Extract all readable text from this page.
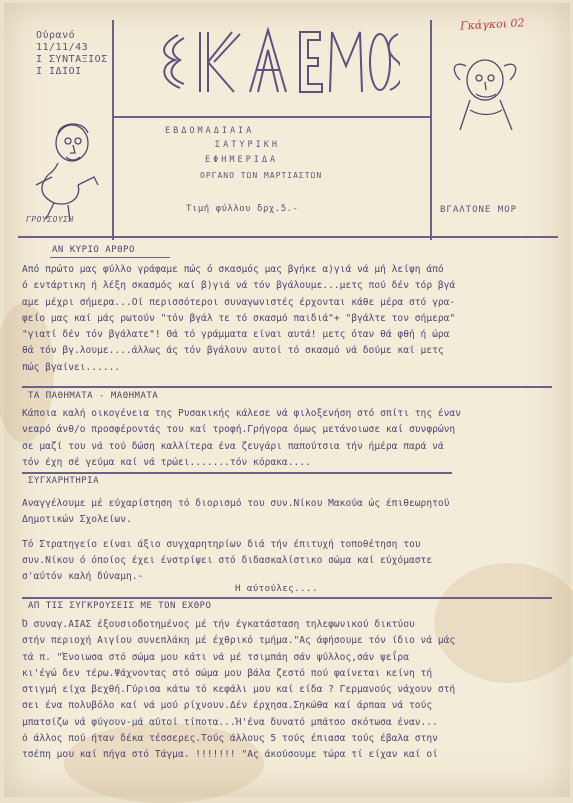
Οὐρανό
11/11/43
Ι ΣΥΝΤΑΞΙΟΣ
Ι ΙΔΙΟΙ
ΕΒΔΟΜΑΔΙΑΙΑ
ΣΑΤΥΡΙΚΗ
ΕΦΗΜΕΡΙΔΑ
ΟΡΓΑΝΟ ΤΩΝ ΜΑΡΤΙΑΣΤΩΝ
Τιμή φύλλου δρχ.5.-	ΒΓΑΛΤΟΝΕ ΜΟΡ
Γκάγκοι 02
ΓΡΟΥΣΟΥΣΗ
ΑΝ ΚΥΡΙΟ ΑΡΘΡΟ
Από πρώτο μας φύλλο γράφαμε πώς ό σκασμός μας βγήκε α)γιά νά μή λείψη άπό
ό εντάρτικη ή λέξη σκασμός καί β)γιά νά τόν βγάλουμε...μετς πού δέν τόρ βγά
αμε μέχρι σήμερα...Οί περισσότεροι συναγωνιστές έρχονται κάθε μέρα στό γρα-
φείο μας καί μάς ρωτούν "τόν βγάλ τε τό σκασμό παιδιά"+ "βγάλτε τον σήμερα"
"γιατί δέν τόν βγάλατε"! Θά τό γράμματα είναι αυτά! μετς όταν θά φθή ή ώρα
θά τόν βγ.λουμε....άλλως άς τόν βγάλουν αυτοί τό σκασμό νά δούμε καί μετς
πώς βγαίνει......
ΤΑ ΠΑΘΗΜΑΤΑ - ΜΑΘΗΜΑΤΑ
Κάποια καλή οικογένεια της Ρυσακικής κάλεσε νά φιλοξενήση στό σπίτι της έναν
νεαρό άνθ/ο προσφέροντάς του καί τροφή.Γρήγορα όμως μετάνοιωσε καί συνφρώνη
σε μαζί του νά τού δώση καλλίτερα ένα ζευγάρι παπούτσια τήν ήμέρα παρά νά
τόν έχη σέ γεύμα καί νά τρώει.......τόν κόρακα....
ΣΥΓΧΑΡΗΤΗΡΙΑ
Αναγγέλουμε μέ εύχαρίστηση τό διορισμό του συν.Νίκου Μακούα ώς έπιθεωρητοϋ
Δημοτικών Σχολείων.
Τό Στρατηγείο είναι άξιο συγχαρητηρίων διά τήν έπιτυχή τοποθέτηση του
συν.Νίκου ό όποίος έχει ένστρίψει στό διδασκαλίστικο σώμα καί εύχόμαστε
σ'αύτόν καλή δύναμη.-
Η αύτούλες....
ΑΠ ΤΙΣ ΣΥΓΚΡΟΥΣΕΙΣ ΜΕ ΤΟΝ ΕΧΘΡΟ
Ό συναγ.ΑΙΑΣ έξουσιοδοτημένος μέ τήν έγκατάσταση τηλεφωνικού δικτύου
στήν περιοχή Αιγίου συνεπλάκη μέ έχθρικό τμήμα."Ας άφήσουμε τόν ίδιο νά μάς
τά π. "Ένοιωσα στό σώμα μου κάτι νά μέ τσιμπάη σάν ψύλλος,σάν ψεΐρα
κι'έγώ δεν τέρω.Ψάχνοντας στό σώμα μου βάλα ζεστό πού φαίνεται κείνη τή
στιγμή είχα βεχθή.Γύρισα κάτω τό κεφάλι μου καί είδα ? Γερμανούς νάχουν στή
σει ένα πολυβόλο καί νά μού ρίχνουν.Δέν έρχησα.Σηκώθα καί άρπαα νά τούς
μπατσίζω νά φύγουν-μά αύτοί τίποτα...Ή'ένα δυνατό μπάτσο σκότωσα έναν...
ό άλλος πού ήταν δέκα τέσσερες.Τούς άλλους 5 τούς έπιασα τούς έβαλα στην
τσέπη μου καί πήγα στό Τάγμα. !!!!!!! "Ας άκούσουμε τώρα τί είχαν καί οί
